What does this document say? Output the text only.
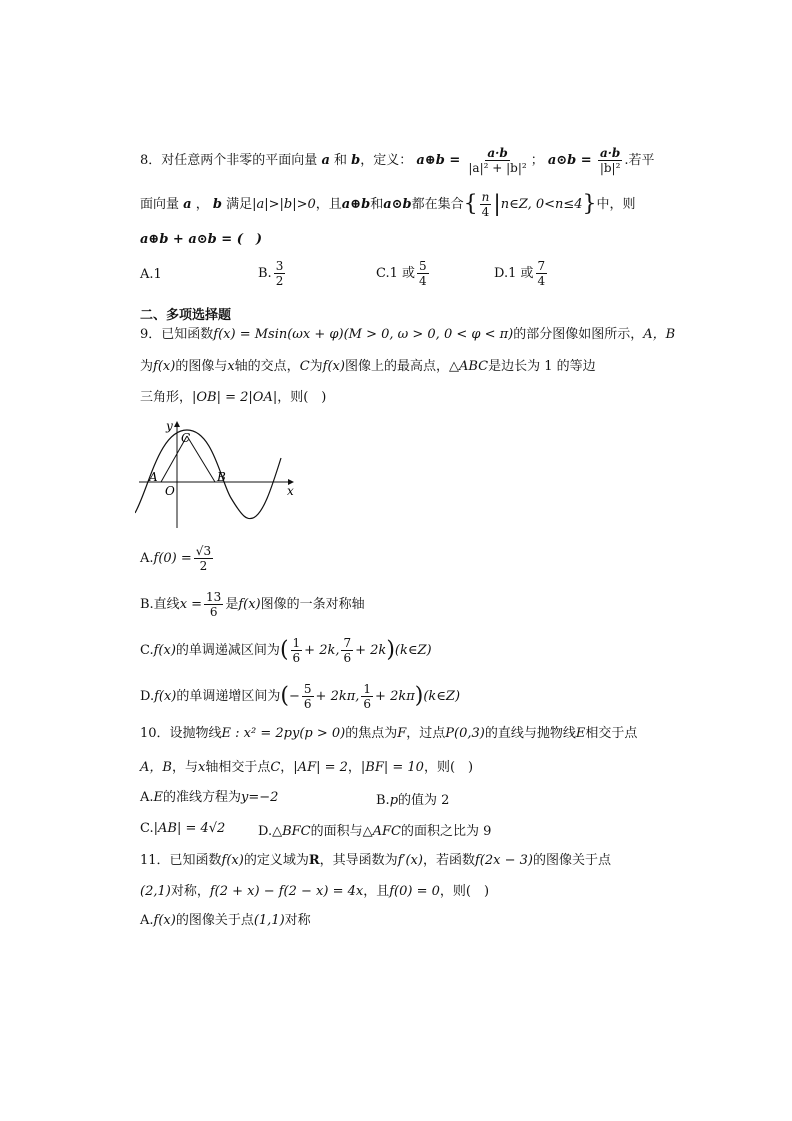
8．对任意两个非零的平面向量 a 和 b，定义： a⊕b = $\frac{a\cdot b}{\text{|a|² + |b|²}}$ ； a⊙b = $\frac{a\cdot b}{\text{|b|²}}$ .若平
面向量 a ， b 满足|a|>|b|>0，且a⊕b和a⊙b都在集合{ $\frac{n}{4}$ |n∈Z, 0<n≤4}中，则
a⊕b + a⊙b = (　)
A.1	B. $\frac{3}{2}$	C.1 或 $\frac{5}{4}$	D.1 或 $\frac{7}{4}$
二、多项选择题
9．已知函数f(x) = Msin(ωx + φ)(M > 0, ω > 0, 0 < φ < π)的部分图像如图所示，A，B
为f(x)的图像与x轴的交点，C为f(x)图像上的最高点，△ABC是边长为 1 的等边
三角形，|OB| = 2|OA|，则(　)
y
C
A
O
B
x
$A.f(0) = \frac{√3}{2}$
B.直线$x = \frac{13}{6}$ 是f(x)图像的一条对称轴
C.f(x)的单调递减区间为( $\frac{1}{6} + 2k$, $\frac{7}{6}$ + 2k)(k∈Z)
D.f(x)的单调递增区间为(− $\frac{5}{6} + 2k\pi$, $\frac{1}{6}$ + 2kπ)(k∈Z)
10．设抛物线E : x² = 2py(p > 0)的焦点为F，过点P(0,3)的直线与抛物线E相交于点
A，B，与x轴相交于点C，|AF| = 2，|BF| = 10，则(　)
A.E的准线方程为y=−2	B.p的值为 2
C.|AB| = 4√2	D.△BFC的面积与△AFC的面积之比为 9
11．已知函数f(x)的定义域为R，其导函数为f′(x)，若函数f(2x − 3)的图像关于点
(2,1)对称，f(2 + x) − f(2 − x) = 4x，且f(0) = 0，则(　)
A.f(x)的图像关于点(1,1)对称
